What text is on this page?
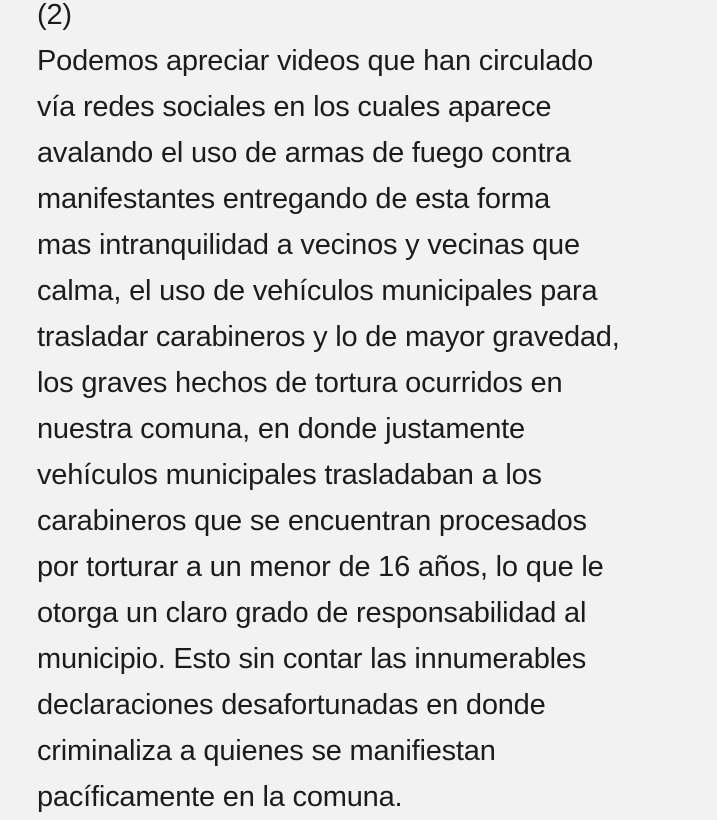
(2)
Podemos apreciar videos que han circulado
vía redes sociales en los cuales aparece
avalando el uso de armas de fuego contra
manifestantes entregando de esta forma
mas intranquilidad a vecinos y vecinas que
calma, el uso de vehículos municipales para
trasladar carabineros y lo de mayor gravedad,
los graves hechos de tortura ocurridos en
nuestra comuna, en donde justamente
vehículos municipales trasladaban a los
carabineros que se encuentran procesados
por torturar a un menor de 16 años, lo que le
otorga un claro grado de responsabilidad al
municipio. Esto sin contar las innumerables
declaraciones desafortunadas en donde
criminaliza a quienes se manifiestan
pacíficamente en la comuna.
